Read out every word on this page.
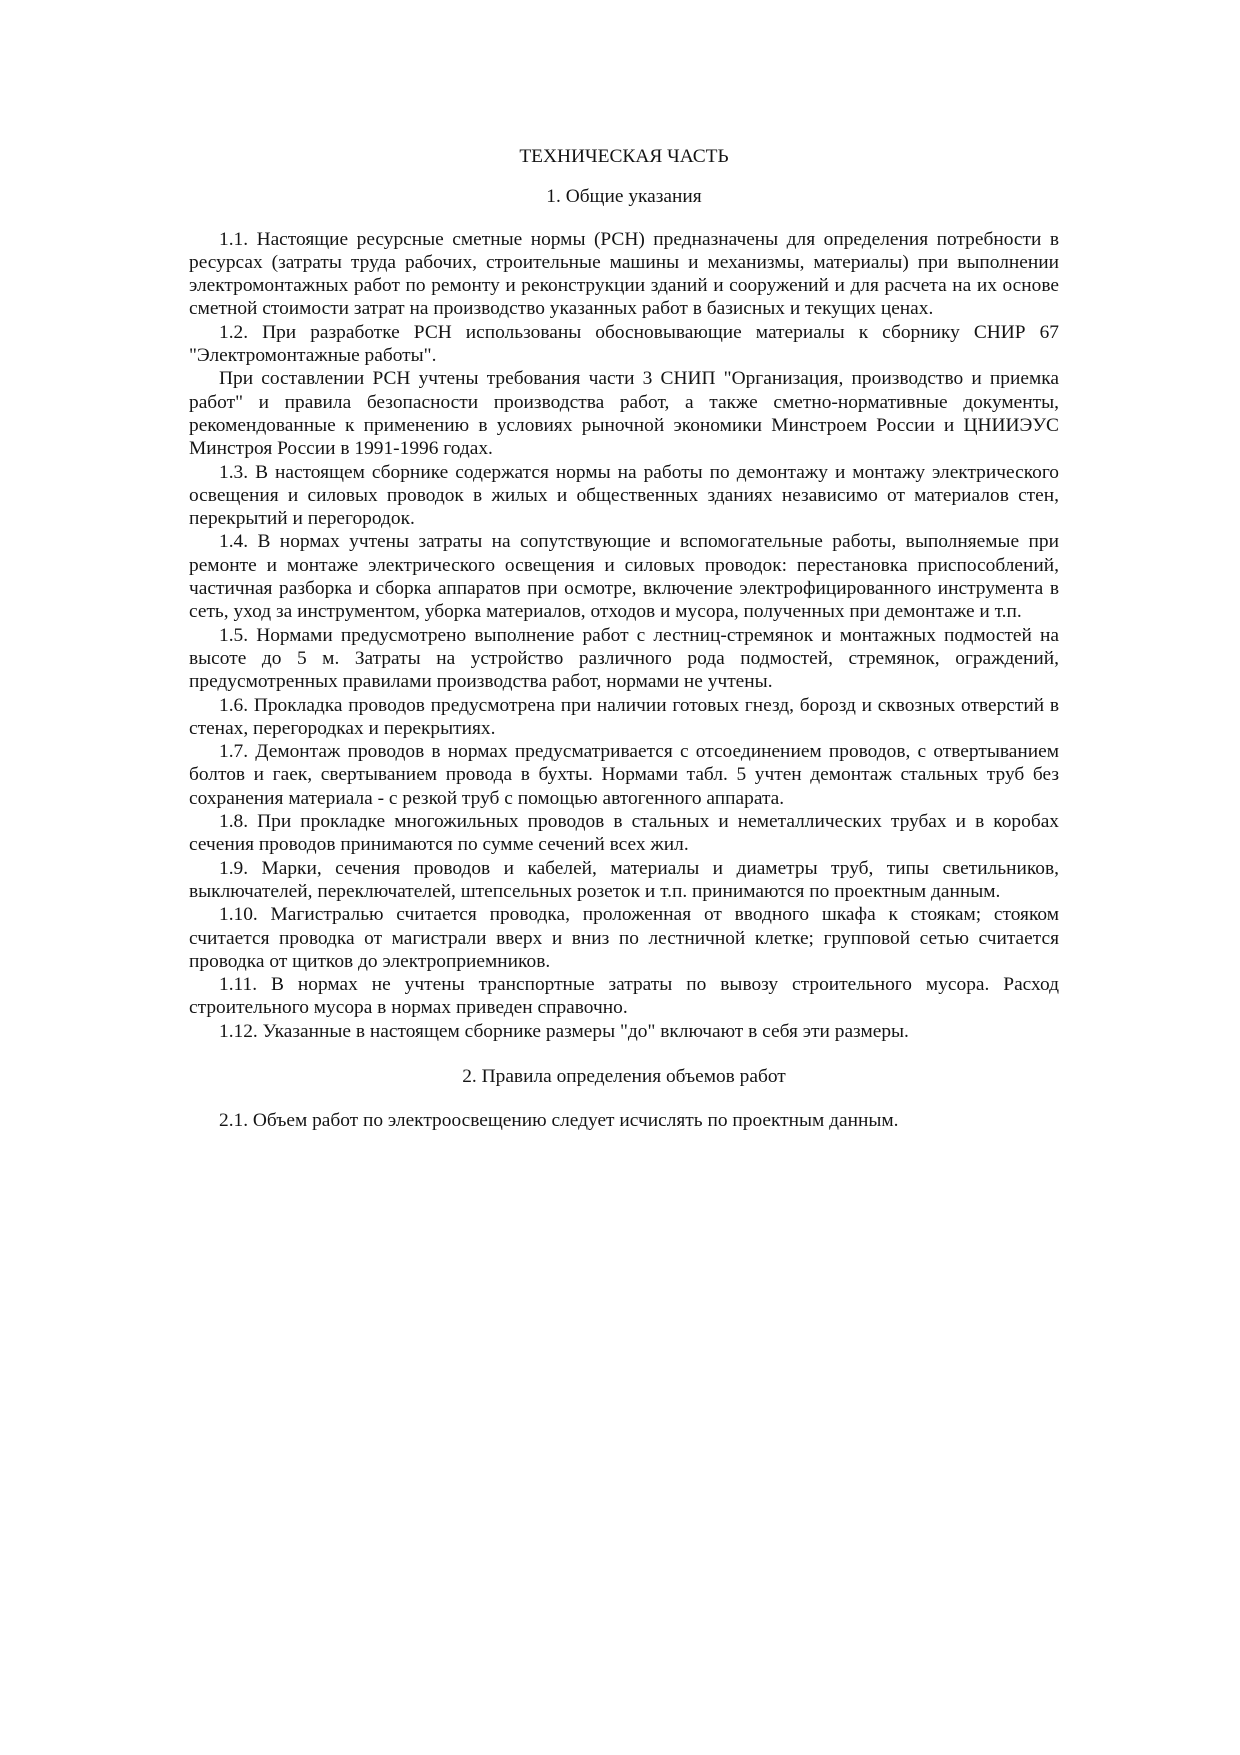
ТЕХНИЧЕСКАЯ ЧАСТЬ

1. Общие указания

1.1. Настоящие ресурсные сметные нормы (РСН) предназначены для определения потребности в ресурсах (затраты труда рабочих, строительные машины и механизмы, материалы) при выполнении электромонтажных работ по ремонту и реконструкции зданий и сооружений и для расчета на их основе сметной стоимости затрат на производство указанных работ в базисных и текущих ценах.

1.2. При разработке РСН использованы обосновывающие материалы к сборнику СНИР 67 "Электромонтажные работы".

При составлении РСН учтены требования части 3 СНИП "Организация, производство и приемка работ" и правила безопасности производства работ, а также сметно-нормативные документы, рекомендованные к применению в условиях рыночной экономики Минстроем России и ЦНИИЭУС Минстроя России в 1991-1996 годах.

1.3. В настоящем сборнике содержатся нормы на работы по демонтажу и монтажу электрического освещения и силовых проводок в жилых и общественных зданиях независимо от материалов стен, перекрытий и перегородок.

1.4. В нормах учтены затраты на сопутствующие и вспомогательные работы, выполняемые при ремонте и монтаже электрического освещения и силовых проводок: перестановка приспособлений, частичная разборка и сборка аппаратов при осмотре, включение электрофицированного инструмента в сеть, уход за инструментом, уборка материалов, отходов и мусора, полученных при демонтаже и т.п.

1.5. Нормами предусмотрено выполнение работ с лестниц-стремянок и монтажных подмостей на высоте до 5 м. Затраты на устройство различного рода подмостей, стремянок, ограждений, предусмотренных правилами производства работ, нормами не учтены.

1.6. Прокладка проводов предусмотрена при наличии готовых гнезд, борозд и сквозных отверстий в стенах, перегородках и перекрытиях.

1.7. Демонтаж проводов в нормах предусматривается с отсоединением проводов, с отвертыванием болтов и гаек, свертыванием провода в бухты. Нормами табл. 5 учтен демонтаж стальных труб без сохранения материала - с резкой труб с помощью автогенного аппарата.

1.8. При прокладке многожильных проводов в стальных и неметаллических трубах и в коробах сечения проводов принимаются по сумме сечений всех жил.

1.9. Марки, сечения проводов и кабелей, материалы и диаметры труб, типы светильников, выключателей, переключателей, штепсельных розеток и т.п. принимаются по проектным данным.

1.10. Магистралью считается проводка, проложенная от вводного шкафа к стоякам; стояком считается проводка от магистрали вверх и вниз по лестничной клетке; групповой сетью считается проводка от щитков до электроприемников.

1.11. В нормах не учтены транспортные затраты по вывозу строительного мусора. Расход строительного мусора в нормах приведен справочно.

1.12. Указанные в настоящем сборнике размеры "до" включают в себя эти размеры.

2. Правила определения объемов работ

2.1. Объем работ по электроосвещению следует исчислять по проектным данным.
